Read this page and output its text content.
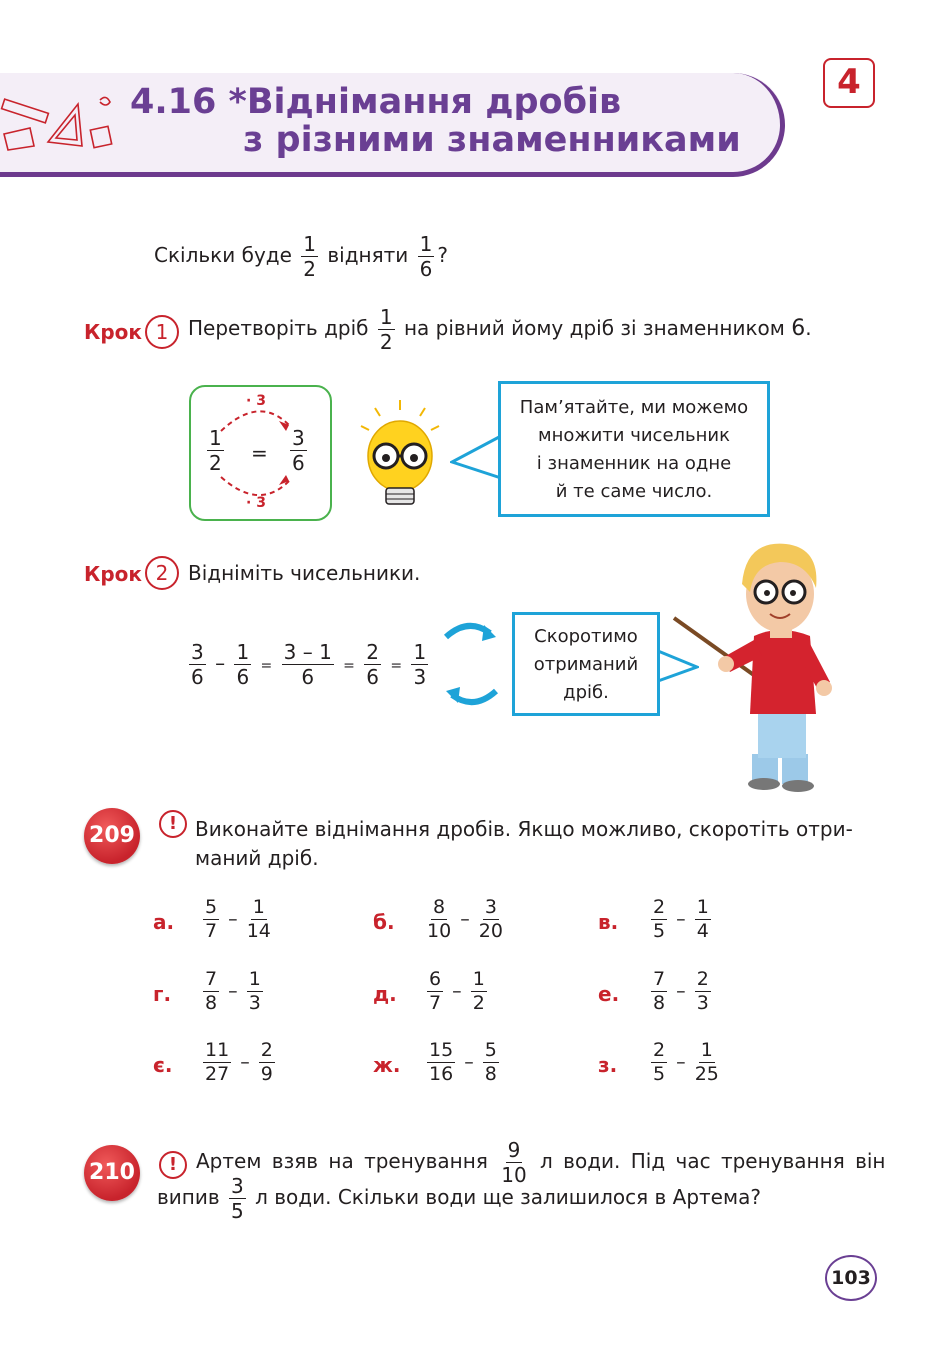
4.16 *Віднімання дробів
з різними знаменниками
4
Скільки буде $\frac{1}{2}$ відняти $\frac{1}{6}$ ?
Крок 1 Перетворіть дріб $\frac{1}{2}$ на рівний йому дріб зі знаменником 6.
· 3
· 3
$\frac{1}{2} = \frac{3}{6}$
Пам’ятайте, ми можемо
множити чисельник
і знаменник на одне
й те саме число.
Крок 2 Відніміть чисельники.
$\frac{3}{6} - \frac{1}{6} = \frac{3 - 1}{6} = \frac{2}{6} = \frac{1}{3}$
Скоротимо
отриманий
дріб.
209	! Виконайте віднімання дробів. Якщо можливо, скоротіть отри-
маний дріб.
а. $\frac{5}{7} - \frac{1}{14}$	б. $\frac{8}{10} - \frac{3}{20}$	в. $\frac{2}{5} - \frac{1}{4}$
г. $\frac{7}{8} - \frac{1}{3}$	д. $\frac{6}{7} - \frac{1}{2}$	е. $\frac{7}{8} - \frac{2}{3}$
є. $\frac{11}{27} - \frac{2}{9}$	ж. $\frac{15}{16} - \frac{5}{8}$	з. $\frac{2}{5} - \frac{1}{25}$
210	! Артем взяв на тренування $\frac{9}{10}$ л води. Під час тренування він
випив $\frac{3}{5}$ л води. Скільки води ще залишилося в Артема?
103
